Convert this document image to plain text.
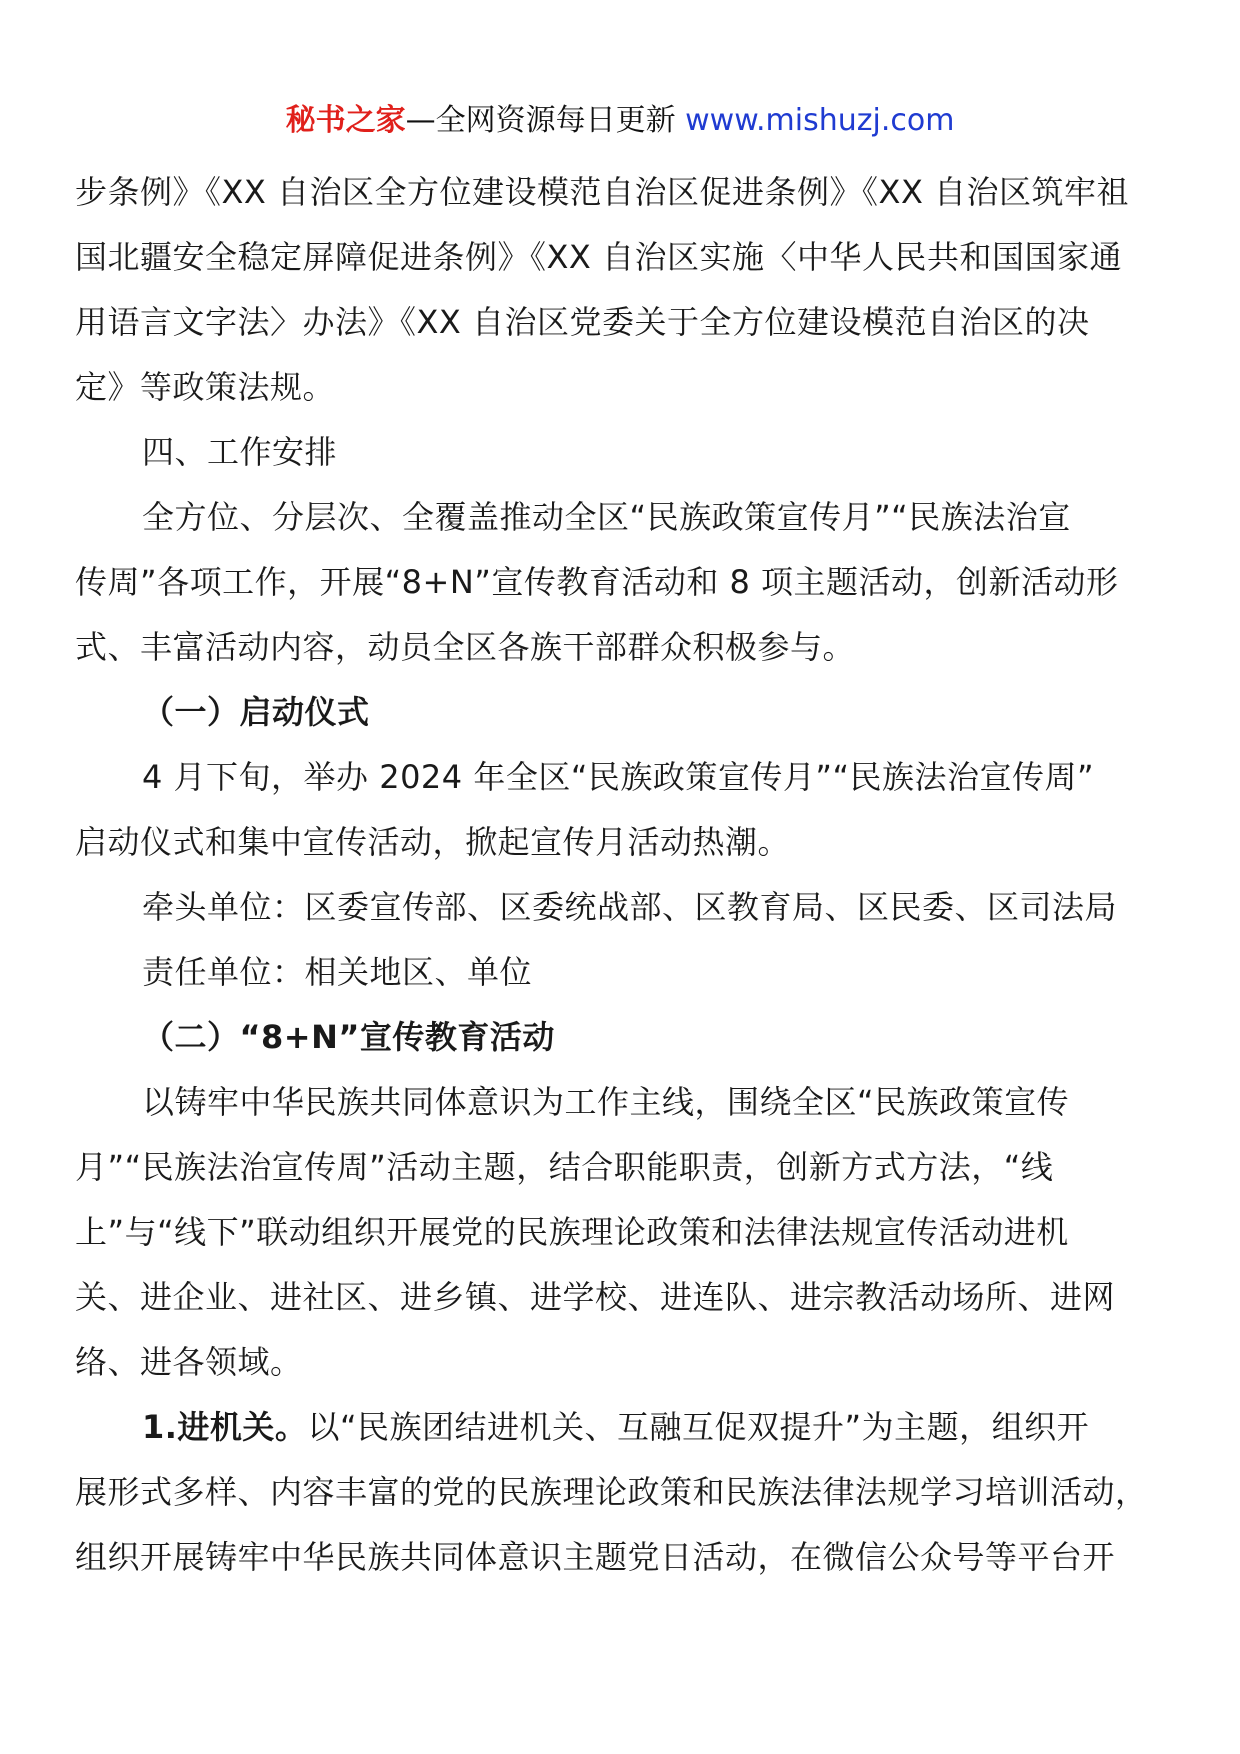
秘书之家—全网资源每日更新 www.mishuzj.com
步条例》《XX 自治区全方位建设模范自治区促进条例》《XX 自治区筑牢祖
国北疆安全稳定屏障促进条例》《XX 自治区实施〈中华人民共和国国家通
用语言文字法〉办法》《XX 自治区党委关于全方位建设模范自治区的决
定》等政策法规。
四、工作安排
全方位、分层次、全覆盖推动全区“民族政策宣传月”“民族法治宣
传周”各项工作，开展“8+N”宣传教育活动和 8 项主题活动，创新活动形
式、丰富活动内容，动员全区各族干部群众积极参与。
（一）启动仪式
4 月下旬，举办 2024 年全区“民族政策宣传月”“民族法治宣传周”
启动仪式和集中宣传活动，掀起宣传月活动热潮。
牵头单位：区委宣传部、区委统战部、区教育局、区民委、区司法局
责任单位：相关地区、单位
（二）“8+N”宣传教育活动
以铸牢中华民族共同体意识为工作主线，围绕全区“民族政策宣传
月”“民族法治宣传周”活动主题，结合职能职责，创新方式方法，“线
上”与“线下”联动组织开展党的民族理论政策和法律法规宣传活动进机
关、进企业、进社区、进乡镇、进学校、进连队、进宗教活动场所、进网
络、进各领域。
1.进机关。以“民族团结进机关、互融互促双提升”为主题，组织开
展形式多样、内容丰富的党的民族理论政策和民族法律法规学习培训活动，
组织开展铸牢中华民族共同体意识主题党日活动，在微信公众号等平台开
